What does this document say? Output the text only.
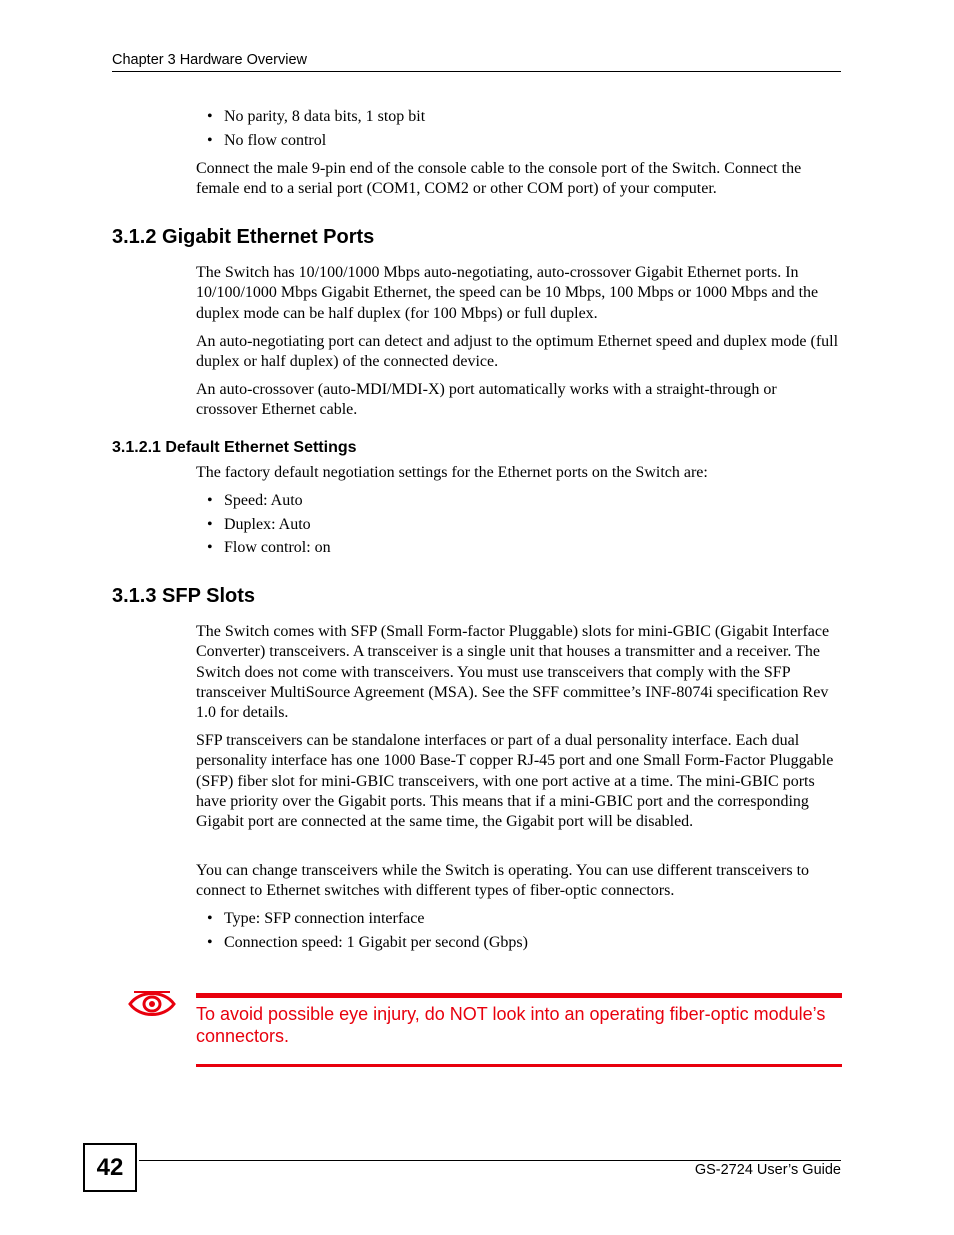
Chapter 3 Hardware Overview
• No parity, 8 data bits, 1 stop bit
• No flow control

Connect the male 9-pin end of the console cable to the console port of the Switch. Connect the female end to a serial port (COM1, COM2 or other COM port) of your computer.

3.1.2 Gigabit Ethernet Ports

The Switch has 10/100/1000 Mbps auto-negotiating, auto-crossover Gigabit Ethernet ports. In 10/100/1000 Mbps Gigabit Ethernet, the speed can be 10 Mbps, 100 Mbps or 1000 Mbps and the duplex mode can be half duplex (for 100 Mbps) or full duplex.

An auto-negotiating port can detect and adjust to the optimum Ethernet speed and duplex mode (full duplex or half duplex) of the connected device.

An auto-crossover (auto-MDI/MDI-X) port automatically works with a straight-through or crossover Ethernet cable.

3.1.2.1 Default Ethernet Settings

The factory default negotiation settings for the Ethernet ports on the Switch are:

• Speed: Auto
• Duplex: Auto
• Flow control: on
3.1.3 SFP Slots

The Switch comes with SFP (Small Form-factor Pluggable) slots for mini-GBIC (Gigabit Interface Converter) transceivers. A transceiver is a single unit that houses a transmitter and a receiver. The Switch does not come with transceivers. You must use transceivers that comply with the SFP transceiver MultiSource Agreement (MSA). See the SFF committee’s INF-8074i specification Rev 1.0 for details.

SFP transceivers can be standalone interfaces or part of a dual personality interface. Each dual personality interface has one 1000 Base-T copper RJ-45 port and one Small Form-Factor Pluggable (SFP) fiber slot for mini-GBIC transceivers, with one port active at a time. The mini-GBIC ports have priority over the Gigabit ports. This means that if a mini-GBIC port and the corresponding Gigabit port are connected at the same time, the Gigabit port will be disabled.

You can change transceivers while the Switch is operating. You can use different transceivers to connect to Ethernet switches with different types of fiber-optic connectors.

• Type: SFP connection interface
• Connection speed: 1 Gigabit per second (Gbps)
To avoid possible eye injury, do NOT look into an operating fiber-optic module’s connectors.
42	GS-2724 User’s Guide
